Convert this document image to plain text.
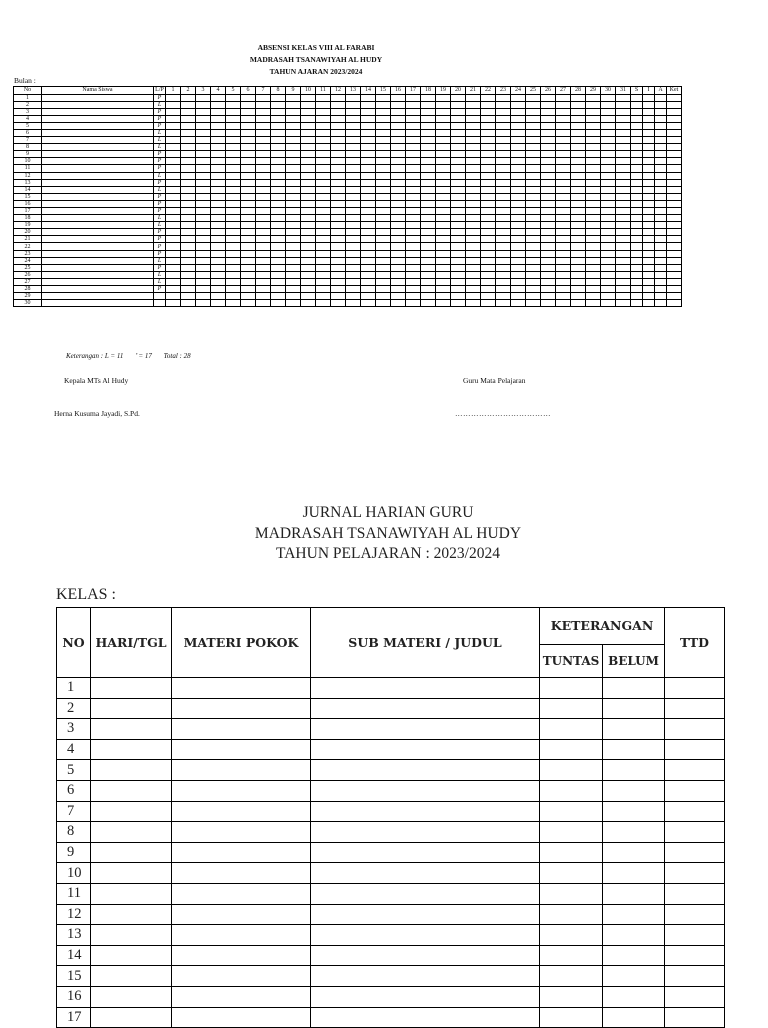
ABSENSI KELAS VIII AL FARABI
MADRASAH TSANAWIYAH AL HUDY
TAHUN AJARAN 2023/2024
Bulan :
No	Nama Siswa	L/P	1	2	3	4	5	6	7	8	9	10	11	12	13	14	15	16	17	18	19	20	21	22	23	24	25	26	27	28	29	30	31	S	I	A	Ket
1		P																																			
2		L																																			
3		P																																			
4		P																																			
5		P																																			
6		L																																			
7		L																																			
8		L																																			
9		P																																			
10		P																																			
11		P																																			
12		L																																			
13		P																																			
14		L																																			
15		P																																			
16		P																																			
17		P																																			
18		L																																			
19		L																																			
20		P																																			
21		P																																			
22		P																																			
23		P																																			
24		L																																			
25		P																																			
26		L																																			
27		L																																			
28		P																																			
29																																					
30																																					
Keterangan : L = 11 ’ = 17 Total : 28
Kepala MTs Al Hudy	Guru Mata Pelajaran
Herna Kusuma Jayadi, S.Pd.	………………………………
JURNAL HARIAN GURU
MADRASAH TSANAWIYAH AL HUDY
TAHUN PELAJARAN : 2023/2024
KELAS :
NO	HARI/TGL	MATERI POKOK	SUB MATERI / JUDUL	KETERANGAN		TTD
				TUNTAS	BELUM	
1						
2						
3						
4						
5						
6						
7						
8						
9						
10						
11						
12						
13						
14						
15						
16						
17						
